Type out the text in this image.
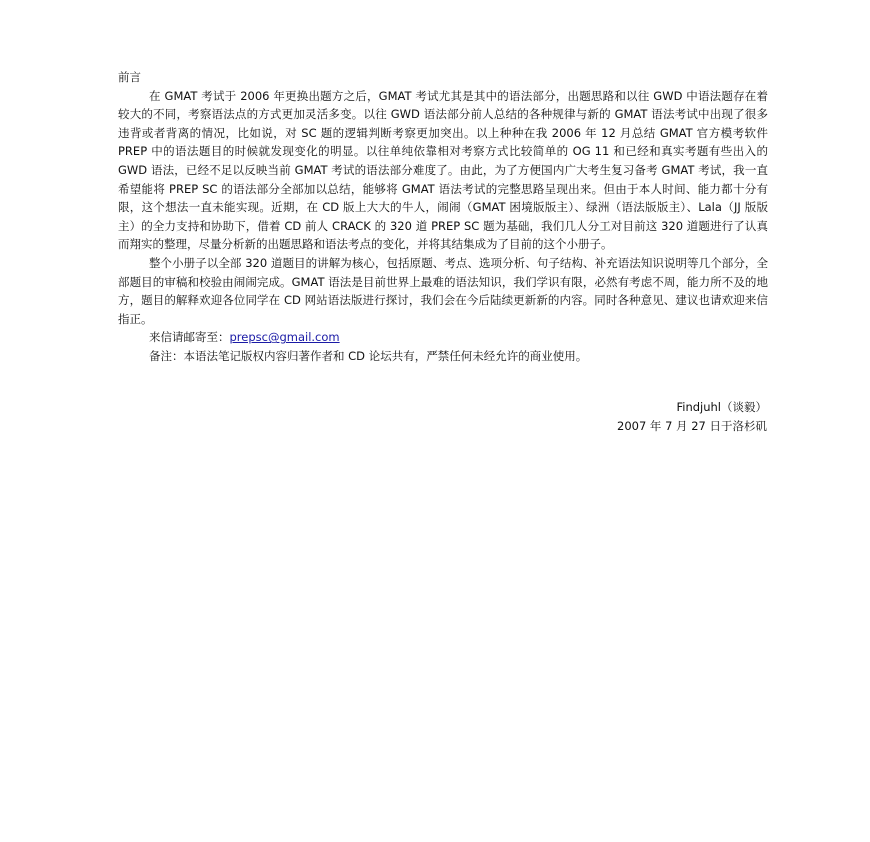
前言

在 GMAT 考试于 2006 年更换出题方之后，GMAT 考试尤其是其中的语法部分，出题思路和以往 GWD 中语法题存在着较大的不同，考察语法点的方式更加灵活多变。以往 GWD 语法部分前人总结的各种规律与新的 GMAT 语法考试中出现了很多违背或者背离的情况，比如说，对 SC 题的逻辑判断考察更加突出。以上种种在我 2006 年 12 月总结 GMAT 官方模考软件 PREP 中的语法题目的时候就发现变化的明显。以往单纯依靠相对考察方式比较简单的 OG 11 和已经和真实考题有些出入的 GWD 语法，已经不足以反映当前 GMAT 考试的语法部分难度了。由此，为了方便国内广大考生复习备考 GMAT 考试，我一直希望能将 PREP SC 的语法部分全部加以总结，能够将 GMAT 语法考试的完整思路呈现出来。但由于本人时间、能力都十分有限，这个想法一直未能实现。近期，在 CD 版上大大的牛人，闹闹（GMAT 困境版版主）、绿洲（语法版版主）、Lala（JJ 版版主）的全力支持和协助下，借着 CD 前人 CRACK 的 320 道 PREP SC 题为基础，我们几人分工对目前这 320 道题进行了认真而翔实的整理，尽量分析新的出题思路和语法考点的变化，并将其结集成为了目前的这个小册子。

整个小册子以全部 320 道题目的讲解为核心，包括原题、考点、选项分析、句子结构、补充语法知识说明等几个部分，全部题目的审稿和校验由闹闹完成。GMAT 语法是目前世界上最难的语法知识，我们学识有限，必然有考虑不周，能力所不及的地方，题目的解释欢迎各位同学在 CD 网站语法版进行探讨，我们会在今后陆续更新新的内容。同时各种意见、建议也请欢迎来信指正。

来信请邮寄至：prepsc@gmail.com

备注：本语法笔记版权内容归著作者和 CD 论坛共有，严禁任何未经允许的商业使用。

Findjuhl（谈毅）
2007 年 7 月 27 日于洛杉矶
